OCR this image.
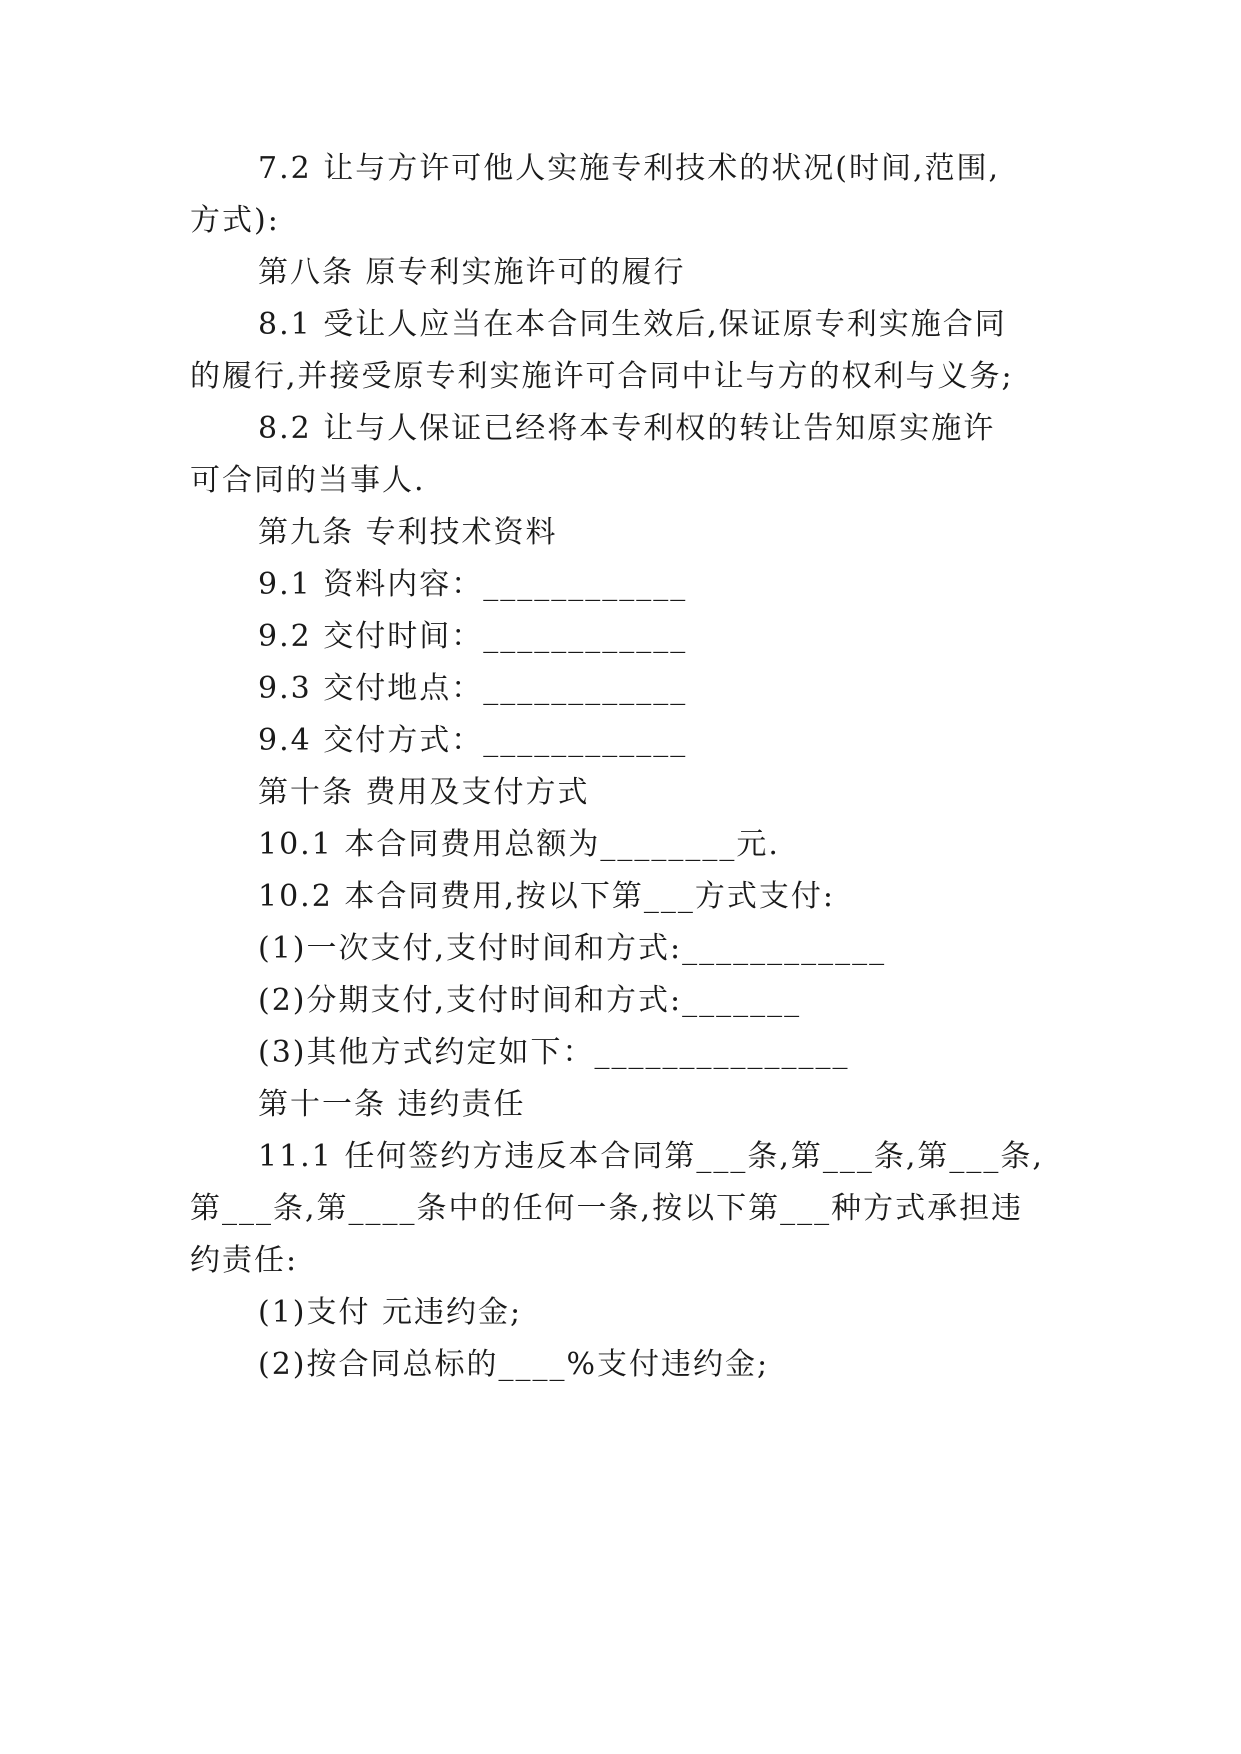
7.2 让与方许可他人实施专利技术的状况(时间,范围,
方式):
第八条 原专利实施许可的履行
8.1 受让人应当在本合同生效后,保证原专利实施合同
的履行,并接受原专利实施许可合同中让与方的权利与义务;
8.2 让与人保证已经将本专利权的转让告知原实施许
可合同的当事人.
第九条 专利技术资料
9.1 资料内容：____________
9.2 交付时间：____________
9.3 交付地点：____________
9.4 交付方式：____________
第十条 费用及支付方式
10.1 本合同费用总额为________元.
10.2 本合同费用,按以下第___方式支付:
(1)一次支付,支付时间和方式:____________
(2)分期支付,支付时间和方式:_______
(3)其他方式约定如下：_______________
第十一条 违约责任
11.1 任何签约方违反本合同第___条,第___条,第___条,
第___条,第____条中的任何一条,按以下第___种方式承担违
约责任:
(1)支付 元违约金;
(2)按合同总标的____%支付违约金;
